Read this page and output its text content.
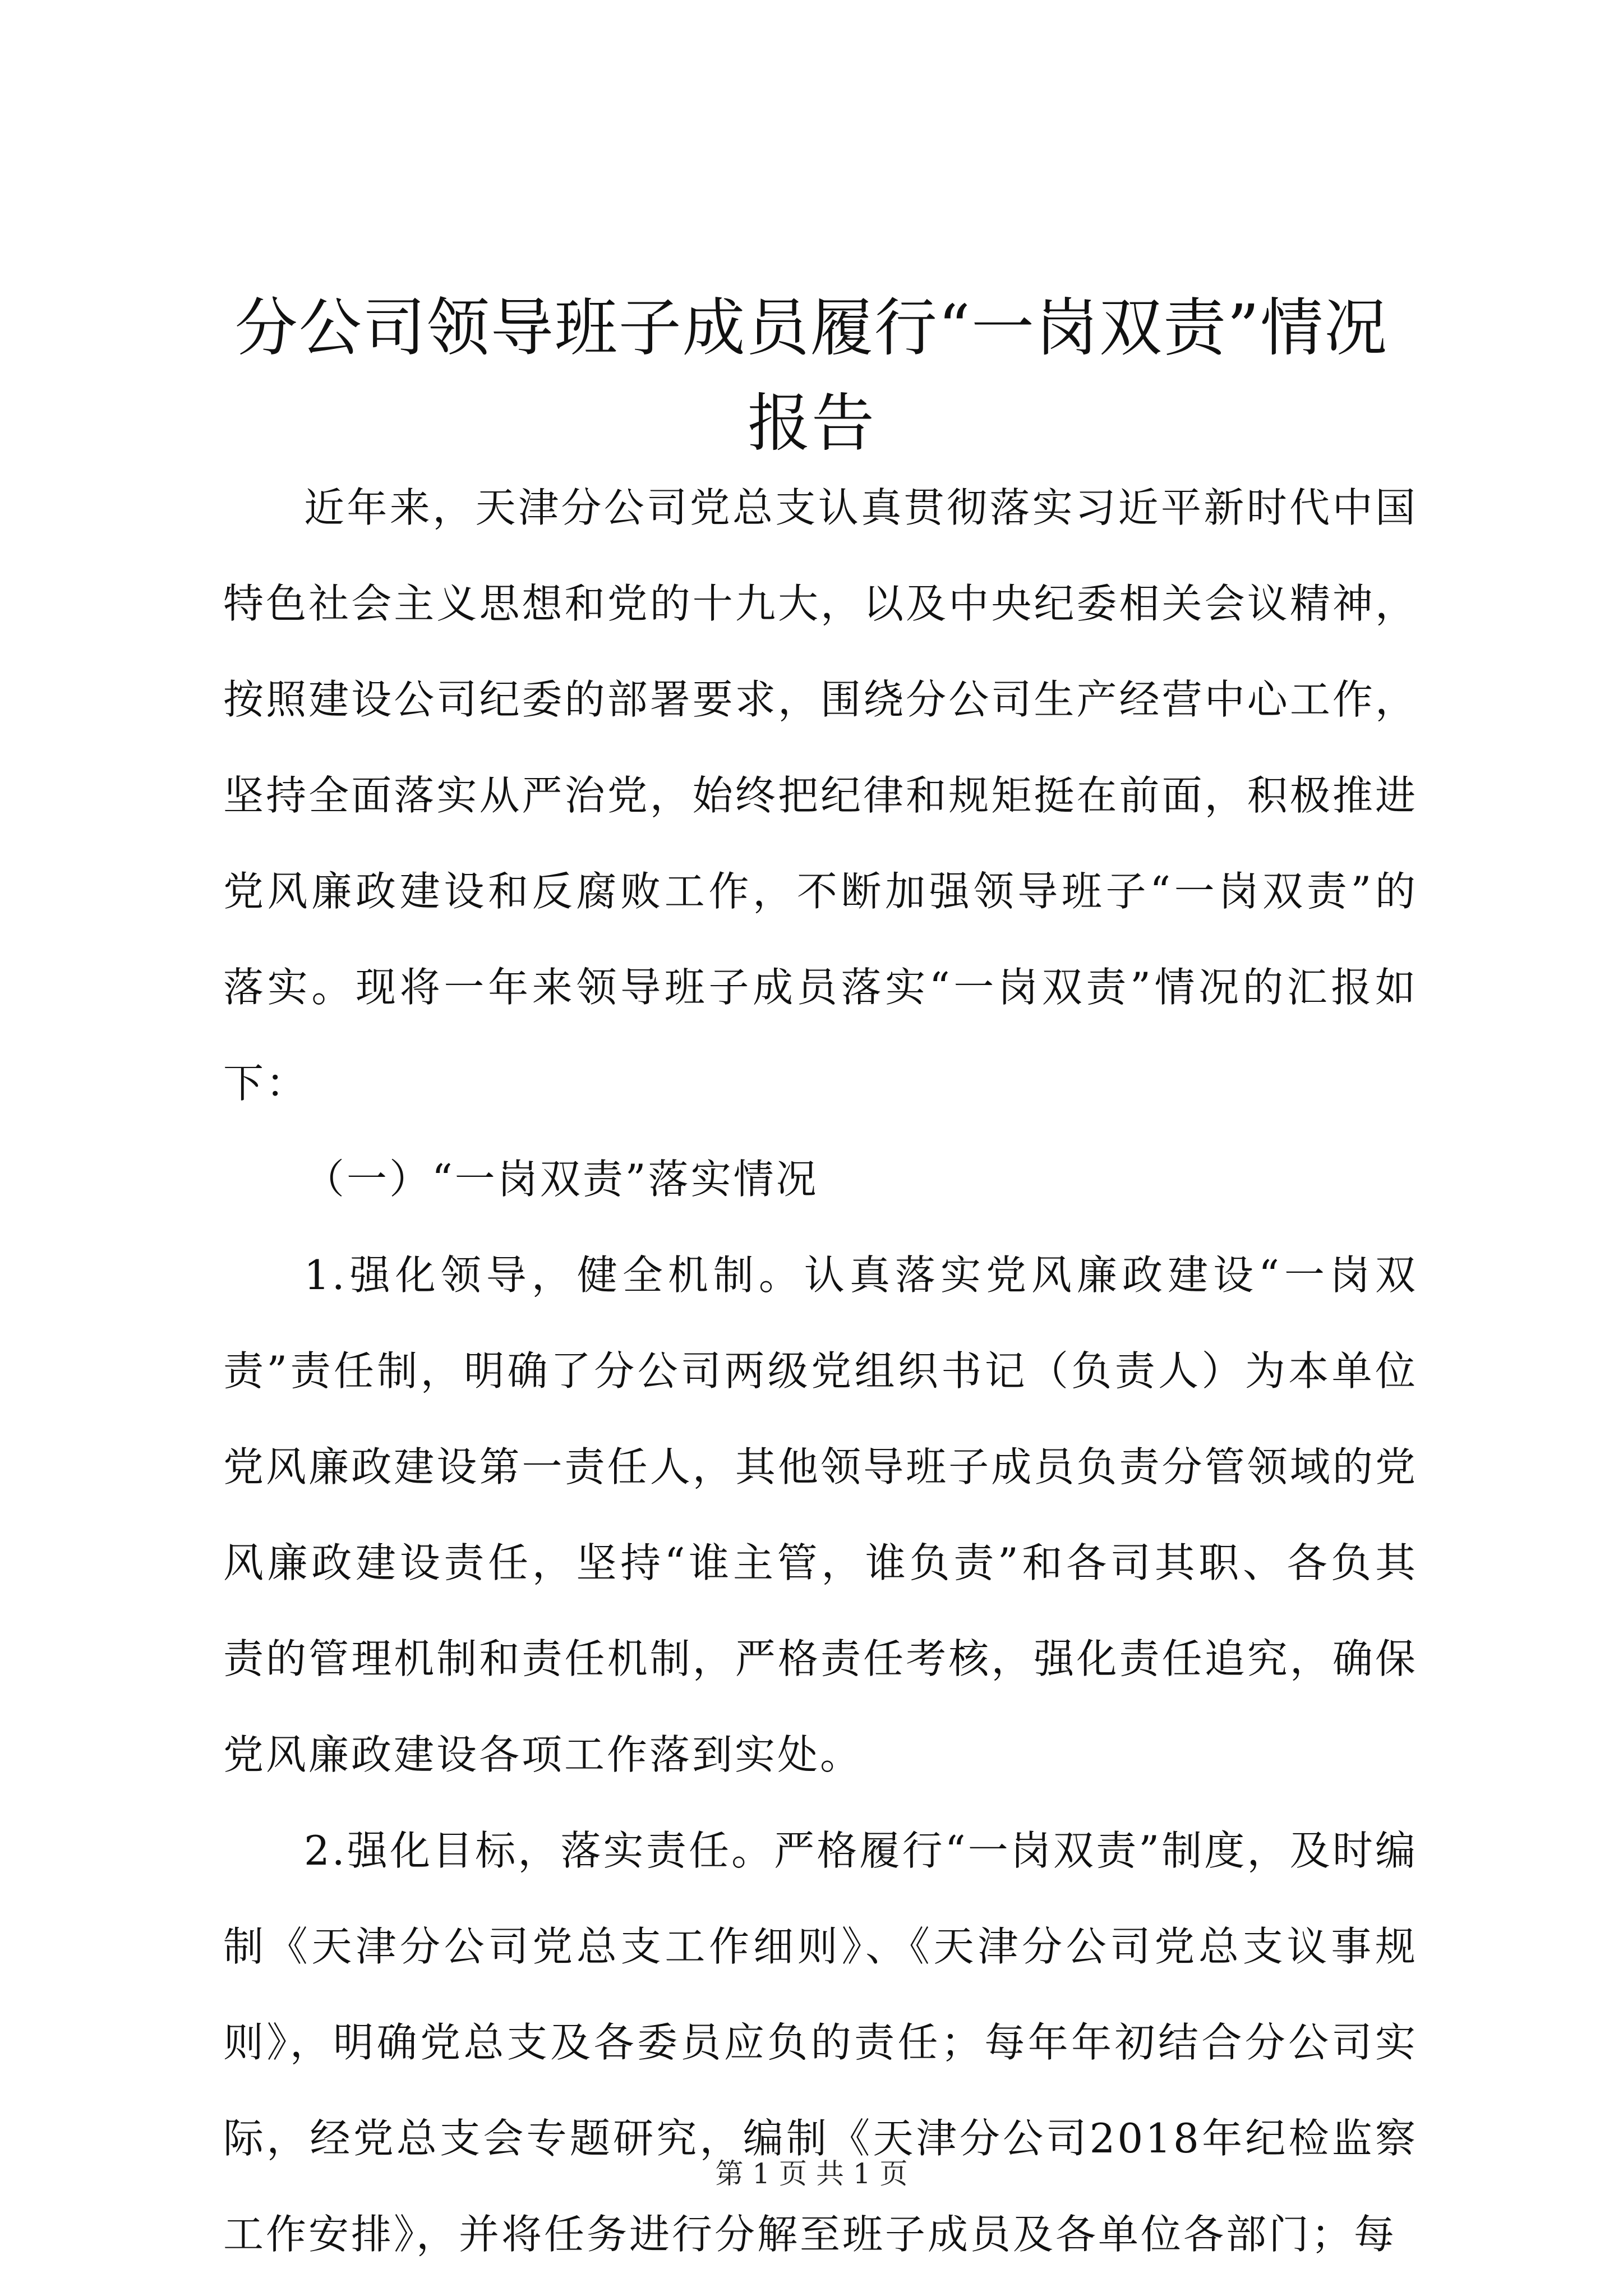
分公司领导班子成员履行“一岗双责”情况报告

近年来，天津分公司党总支认真贯彻落实习近平新时代中国特色社会主义思想和党的十九大，以及中央纪委相关会议精神，按照建设公司纪委的部署要求，围绕分公司生产经营中心工作，坚持全面落实从严治党，始终把纪律和规矩挺在前面，积极推进党风廉政建设和反腐败工作，不断加强领导班子“一岗双责”的落实。现将一年来领导班子成员落实“一岗双责”情况的汇报如下：

（一）“一岗双责”落实情况

1.强化领导，健全机制。认真落实党风廉政建设“一岗双责”责任制，明确了分公司两级党组织书记（负责人）为本单位党风廉政建设第一责任人，其他领导班子成员负责分管领域的党风廉政建设责任，坚持“谁主管，谁负责”和各司其职、各负其责的管理机制和责任机制，严格责任考核，强化责任追究，确保党风廉政建设各项工作落到实处。

2.强化目标，落实责任。严格履行“一岗双责”制度，及时编制《天津分公司党总支工作细则》、《天津分公司党总支议事规则》，明确党总支及各委员应负的责任；每年年初结合分公司实际，经党总支会专题研究，编制《天津分公司2018年纪检监察工作安排》，并将任务进行分解至班子成员及各单位各部门；每

第 1 页 共 1 页
